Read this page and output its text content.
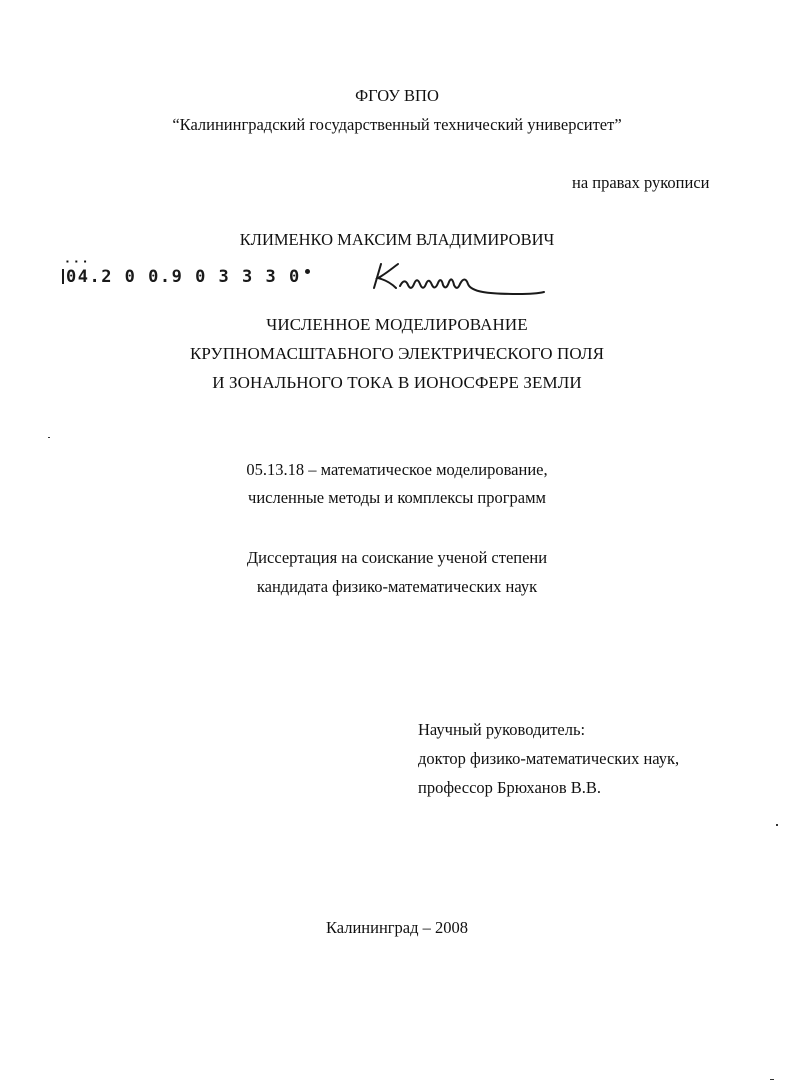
ФГОУ ВПО
“Калининградский государственный технический университет”
на правах рукописи
КЛИМЕНКО МАКСИМ ВЛАДИМИРОВИЧ
▪ ▪ ▪
04.2 0 0.9 0 3 3 3 0
ЧИСЛЕННОЕ МОДЕЛИРОВАНИЕ
КРУПНОМАСШТАБНОГО ЭЛЕКТРИЧЕСКОГО ПОЛЯ
И ЗОНАЛЬНОГО ТОКА В ИОНОСФЕРЕ ЗЕМЛИ
05.13.18 – математическое моделирование,
численные методы и комплексы программ
Диссертация на соискание ученой степени
кандидата физико-математических наук
Научный руководитель:
доктор физико-математических наук,
профессор Брюханов В.В.
Калининград – 2008
